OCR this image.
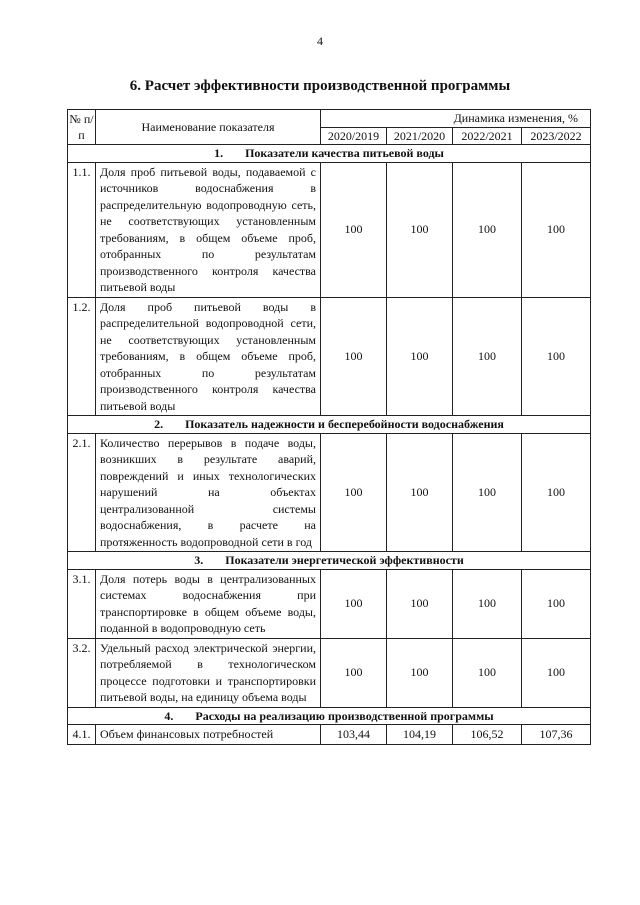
4
6. Расчет эффективности производственной программы
№ п/п	Наименование показателя	Динамика изменения, %			
		2020/2019	2021/2020	2022/2021	2023/2022
1. Показатели качества питьевой воды					
1.1.	Доля проб питьевой воды, подаваемой с источников водоснабжения в распределительную водопроводную сеть, не соответствующих установленным требованиям, в общем объеме проб, отобранных по результатам производственного контроля качества питьевой воды	100	100	100	100
1.2.	Доля проб питьевой воды в распределительной водопроводной сети, не соответствующих установленным требованиям, в общем объеме проб, отобранных по результатам производственного контроля качества питьевой воды	100	100	100	100
2. Показатель надежности и бесперебойности водоснабжения					
2.1.	Количество перерывов в подаче воды, возникших в результате аварий, повреждений и иных технологических нарушений на объектах централизованной системы водоснабжения, в расчете на протяженность водопроводной сети в год	100	100	100	100
3. Показатели энергетической эффективности					
3.1.	Доля потерь воды в централизованных системах водоснабжения при транспортировке в общем объеме воды, поданной в водопроводную сеть	100	100	100	100
3.2.	Удельный расход электрической энергии, потребляемой в технологическом процессе подготовки и транспортировки питьевой воды, на единицу объема воды	100	100	100	100
4. Расходы на реализацию производственной программы					
4.1.	Объем финансовых потребностей	103,44	104,19	106,52	107,36
